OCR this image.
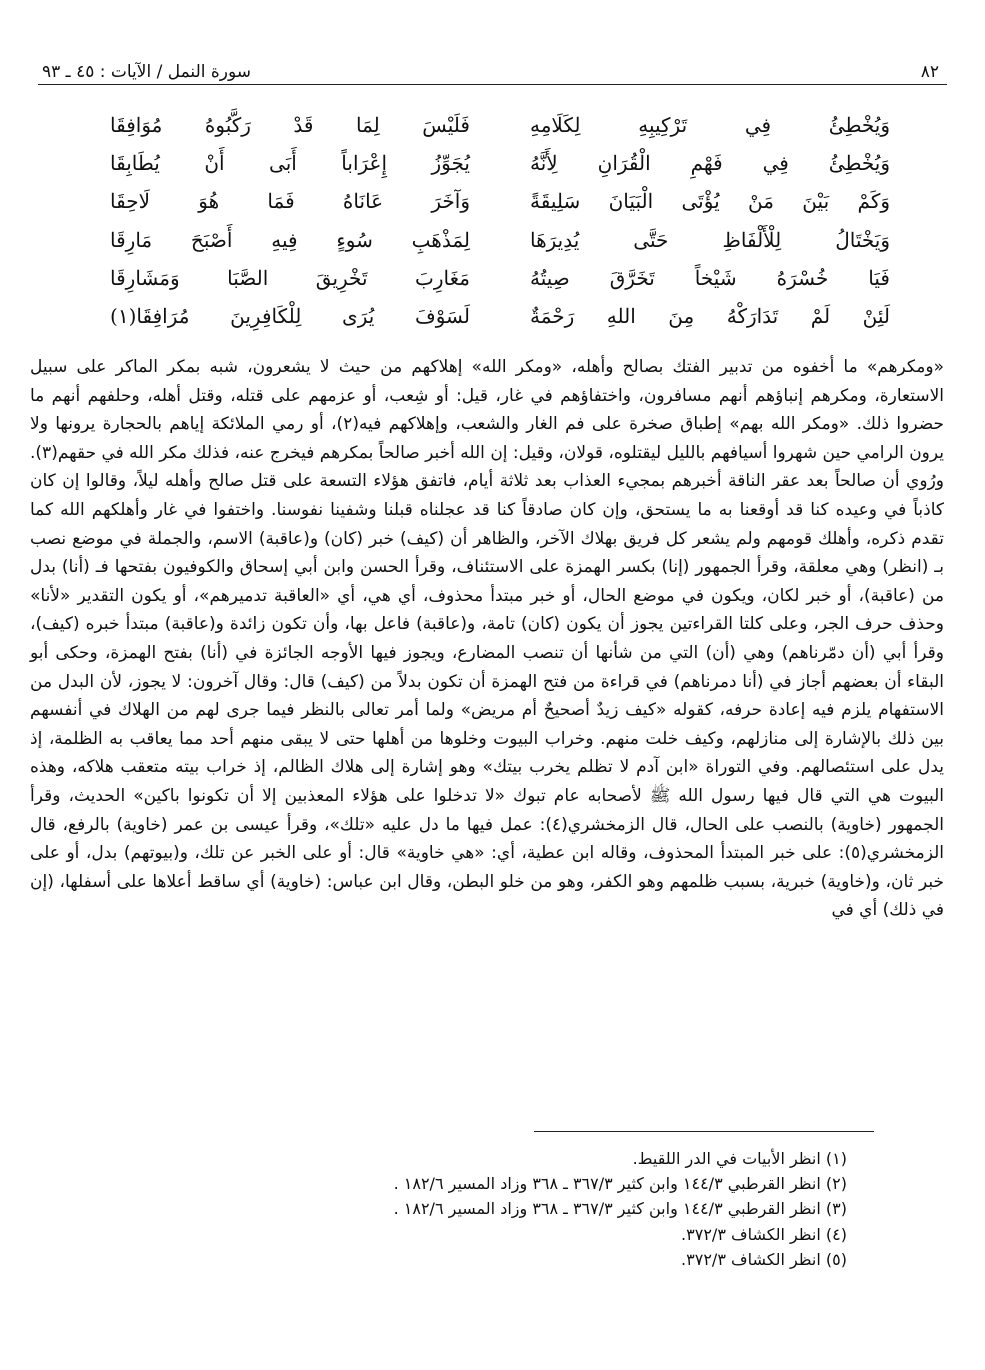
٨٢
سورة النمل / الآيات : ٤٥ ـ ٩٣
وَيُخْطِئُ فِي تَرْكِيبِهِ لِكَلَامِهِ
فَلَيْسَ لِمَا قَدْ رَكَّبُوهُ مُوَافِقَا
وَيُخْطِئُ فِي فَهْمِ الْقُرَانِ لِأَنَّهُ
يُجَوِّزُ إِعْرَاباً أَبَى أَنْ يُطَابِقَا
وَكَمْ بَيْنَ مَنْ يُؤْتَى الْبَيَانَ سَلِيقَةً
وَآخَرَ عَانَاهُ فَمَا هُوَ لَاحِقَا
وَيَخْتَالُ لِلْأَلْفَاظِ حَتَّى يُدِيرَهَا
لِمَذْهَبِ سُوءٍ فِيهِ أَصْبَحَ مَارِقَا
فَيَا خُسْرَهُ شَيْخاً تَخَرَّقَ صِيتُهُ
مَغَارِبَ تَخْرِيقَ الصَّبَا وَمَشَارِقَا
لَئِنْ لَمْ تَدَارَكْهُ مِنَ اللهِ رَحْمَةٌ
لَسَوْفَ يُرَى لِلْكَافِرِينَ مُرَافِقَا(١)

«ومكرهم» ما أخفوه من تدبير الفتك بصالح وأهله، «ومكر الله» إهلاكهم من حيث لا يشعرون، شبه بمكر الماكر على سبيل الاستعارة، ومكرهم إنباؤهم أنهم مسافرون، واختفاؤهم في غار، قيل: أو شِعب، أو عزمهم على قتله، وقتل أهله، وحلفهم أنهم ما حضروا ذلك. «ومكر الله بهم» إطباق صخرة على فم الغار والشعب، وإهلاكهم فيه(٢)، أو رمي الملائكة إياهم بالحجارة يرونها ولا يرون الرامي حين شهروا أسيافهم بالليل ليقتلوه، قولان، وقيل: إن الله أخبر صالحاً بمكرهم فيخرج عنه، فذلك مكر الله في حقهم(٣). ورُوي أن صالحاً بعد عقر الناقة أخبرهم بمجيء العذاب بعد ثلاثة أيام، فاتفق هؤلاء التسعة على قتل صالح وأهله ليلاً، وقالوا إن كان كاذباً في وعيده كنا قد أوقعنا به ما يستحق، وإن كان صادقاً كنا قد عجلناه قبلنا وشفينا نفوسنا. واختفوا في غار وأهلكهم الله كما تقدم ذكره، وأهلك قومهم ولم يشعر كل فريق بهلاك الآخر، والظاهر أن (كيف) خبر (كان) و(عاقبة) الاسم، والجملة في موضع نصب بـ (انظر) وهي معلقة، وقرأ الجمهور (إنا) بكسر الهمزة على الاستئناف، وقرأ الحسن وابن أبي إسحاق والكوفيون بفتحها فـ (أنا) بدل من (عاقبة)، أو خبر لكان، ويكون في موضع الحال، أو خبر مبتدأ محذوف، أي هي، أي «العاقبة تدميرهم»، أو يكون التقدير «لأنا» وحذف حرف الجر، وعلى كلتا القراءتين يجوز أن يكون (كان) تامة، و(عاقبة) فاعل بها، وأن تكون زائدة و(عاقبة) مبتدأ خبره (كيف)، وقرأ أبي (أن دمّرناهم) وهي (أن) التي من شأنها أن تنصب المضارع، ويجوز فيها الأوجه الجائزة في (أنا) بفتح الهمزة، وحكى أبو البقاء أن بعضهم أجاز في (أنا دمرناهم) في قراءة من فتح الهمزة أن تكون بدلاً من (كيف) قال: وقال آخرون: لا يجوز، لأن البدل من الاستفهام يلزم فيه إعادة حرفه، كقوله «كيف زيدٌ أصحيحٌ أم مريض» ولما أمر تعالى بالنظر فيما جرى لهم من الهلاك في أنفسهم بين ذلك بالإشارة إلى منازلهم، وكيف خلت منهم. وخراب البيوت وخلوها من أهلها حتى لا يبقى منهم أحد مما يعاقب به الظلمة، إذ يدل على استئصالهم. وفي التوراة «ابن آدم لا تظلم يخرب بيتك» وهو إشارة إلى هلاك الظالم، إذ خراب بيته متعقب هلاكه، وهذه البيوت هي التي قال فيها رسول الله ﷺ لأصحابه عام تبوك «لا تدخلوا على هؤلاء المعذبين إلا أن تكونوا باكين» الحديث، وقرأ الجمهور (خاوية) بالنصب على الحال، قال الزمخشري(٤): عمل فيها ما دل عليه «تلك»، وقرأ عيسى بن عمر (خاوية) بالرفع، قال الزمخشري(٥): على خبر المبتدأ المحذوف، وقاله ابن عطية، أي: «هي خاوية» قال: أو على الخبر عن تلك، و(بيوتهم) بدل، أو على خبر ثان، و(خاوية) خبرية، بسبب ظلمهم وهو الكفر، وهو من خلو البطن، وقال ابن عباس: (خاوية) أي ساقط أعلاها على أسفلها، (إن في ذلك) أي في

(١) انظر الأبيات في الدر اللقيط.
(٢) انظر القرطبي ١٤٤/٣ وابن كثير ٣٦٧/٣ ـ ٣٦٨ وزاد المسير ١٨٢/٦ .
(٣) انظر القرطبي ١٤٤/٣ وابن كثير ٣٦٧/٣ ـ ٣٦٨ وزاد المسير ١٨٢/٦ .
(٤) انظر الكشاف ٣٧٢/٣.
(٥) انظر الكشاف ٣٧٢/٣.
